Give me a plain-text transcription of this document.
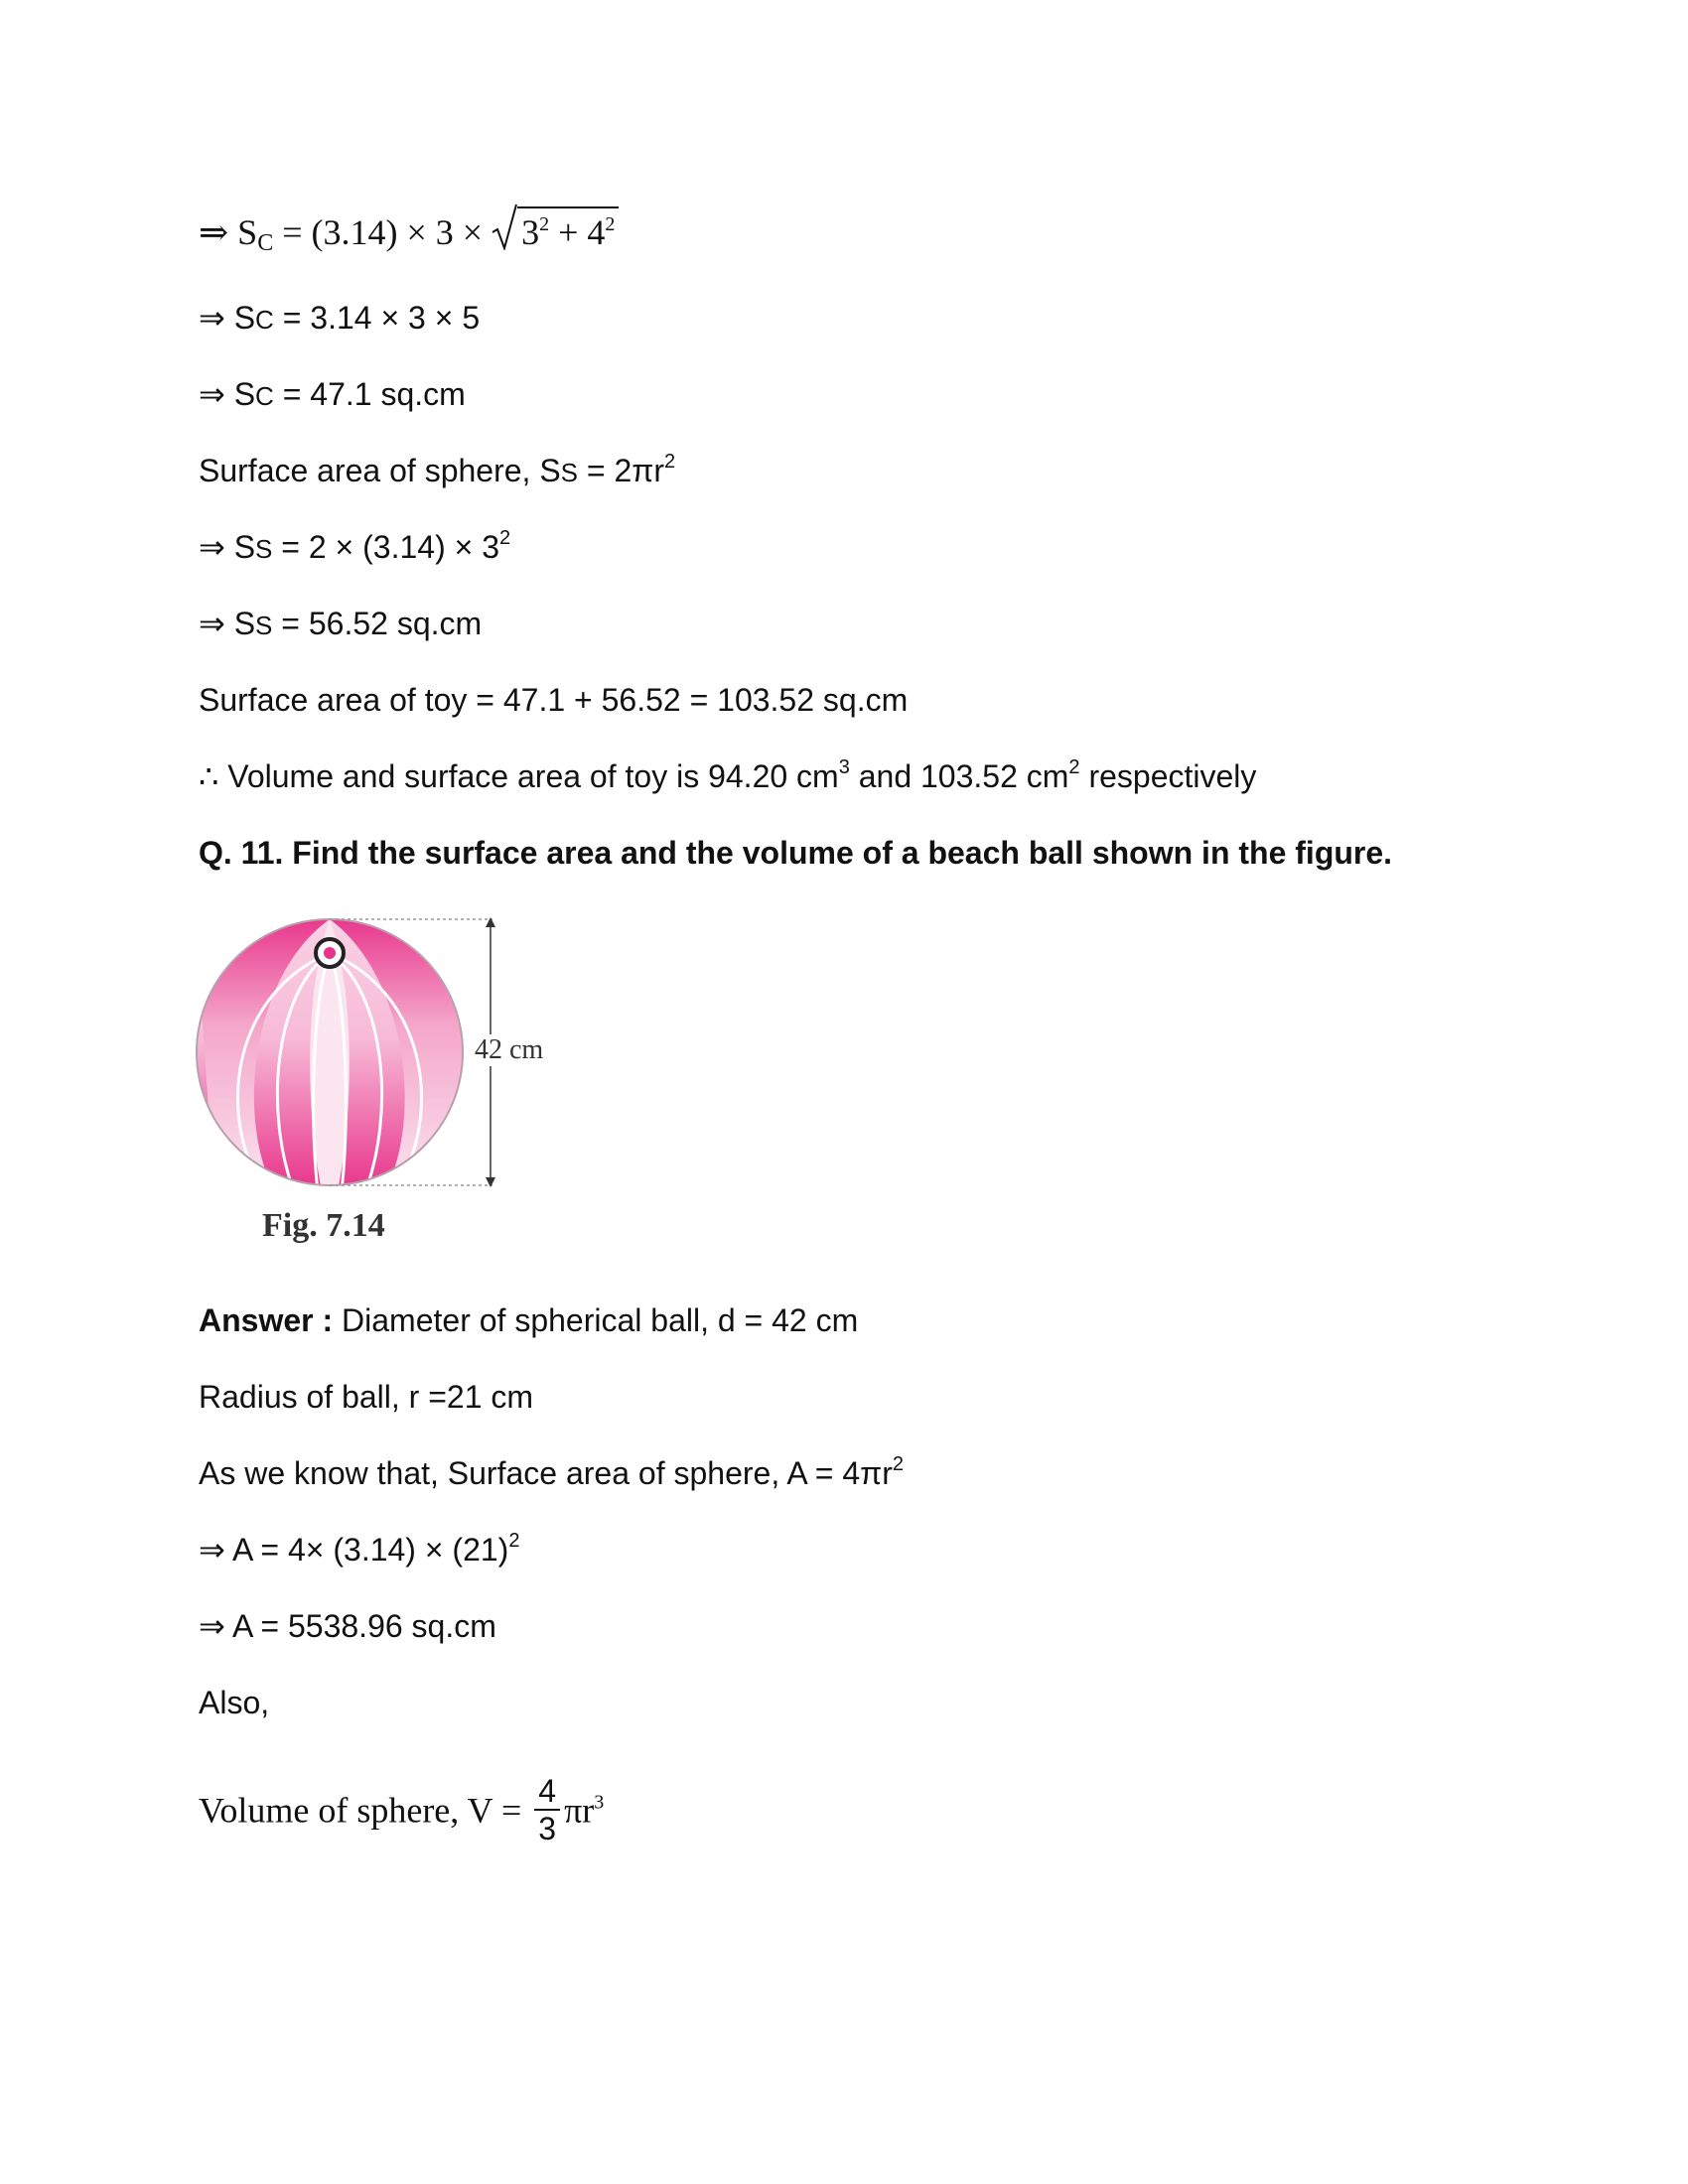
⇒ SC = (3.14) × 3 ×
$3^2 + 4^2$
⇒ SC = 3.14 × 3 × 5
⇒ SC = 47.1 sq.cm
Surface area of sphere, SS = $2\pi r^2$
⇒ SS = $2 \times (3.14) \times 3^2$
⇒ SS = 56.52 sq.cm
Surface area of toy = 47.1 + 56.52 = 103.52 sq.cm
∴ Volume and surface area of toy is 94.20 $cm^3$ and 103.52 $cm^2$ respectively
Q. 11. Find the surface area and the volume of a beach ball shown in the figure.
42 cm
Fig. 7.14
Answer : Diameter of spherical ball, d = 42 cm
Radius of ball, r =21 cm
As we know that, Surface area of sphere, $A = 4\pi r^2$
⇒ $A = 4\times (3.14) \times (21)^2$
⇒ A = 5538.96 sq.cm
Also,
Volume of sphere, $V = \frac{4}{3} \pi r^3$
